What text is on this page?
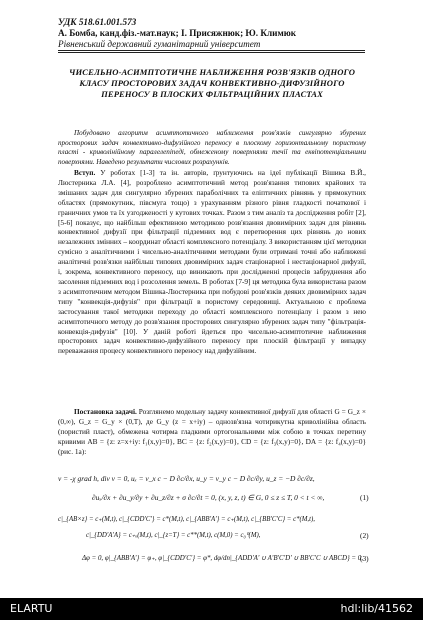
УДК 518.61.001.573
А. Бомба, канд.фіз.-мат.наук; І. Присяжнюк; Ю. Климюк
Рівненський державний гуманітарний університет
ЧИСЕЛЬНО-АСИМПТОТИЧНЕ НАБЛИЖЕННЯ РОЗВ'ЯЗКІВ ОДНОГО КЛАСУ ПРОСТОРОВИХ ЗАДАЧ КОНВЕКТИВНО-ДИФУЗІЙНОГО ПЕРЕНОСУ В ПЛОСКИХ ФІЛЬТРАЦІЙНИХ ПЛАСТАХ
Побудовано алгоритм асимптотичного наближення розв'язків сингулярно збурених просторових задач конвективно-дифузійного переносу в плоскому горизонтальному пористому пласті - криволінійному паралелепіпеді, обмеженому поверхнями течії та еквіпотенціальними поверхнями. Наведено результати числових розрахунків.
Вступ. У роботах [1-3] та ін. авторів, ґрунтуючись на ідеї публікації Вішика В.Й., Люстерника Л.А. [4], розроблено асимптотичний метод розв'язання типових крайових та змішаних задач для сингулярно збурених параболічних та еліптичних рівнянь у прямокутних областях (прямокутник, півсмуга тощо) з урахуванням різного рівня гладкості початкової і граничних умов та їх узгодженості у кутових точках. Разом з тим аналіз та дослідження робіт [2], [5-6] показує, що найбільш ефективною методикою розв'язання двовимірних задач для рівнянь конвективної дифузії при фільтрації підземних вод є перетворення цих рівнянь до нових незалежних змінних – координат області комплексного потенціалу. З використанням цієї методики сумісно з аналітичними і чисельно-аналітичними методами були отримані точні або наближені аналітичні розв'язки найбільш типових двовимірних задач стаціонарної і нестаціонарної дифузії, і, зокрема, конвективного переносу, що виникають при дослідженні процесів забруднення або засолення підземних вод і розсолення земель. В роботах [7-9] ця методика була використана разом з асимптотичним методом Вішика-Люстерника при побудові розв'язків деяких двовимірних задач типу "конвекція-дифузія" при фільтрації в пористому середовищі. Актуальною є проблема застосування такої методики переходу до області комплексного потенціалу і разом з нею асимптотичного методу до розв'язання просторових сингулярно збурених задач типу "фільтрація-конвекція-дифузія" [10]. У даній роботі йдеться про чисельно-асимптотичне наближення просторових задач конвективно-дифузійного переносу при плоскій фільтрації у випадку переважання процесу конвективного переносу над дифузійним.
Постановка задачі. Розглянемо модельну задачу конвективної дифузії для області G = G_z × (0,∞), G_z = G_y × (0,T), де G_y (z = x+iy) – однозв'язна чотирикутна криволінійна область (пористий пласт), обмежена чотирма гладкими ортогональними між собою в точках перетину кривими AB = {z: z=x+iy: f₁(x,y)=0}, BC = {z: f₂(x,y)=0}, CD = {z: f₃(x,y)=0}, DA = {z: f₄(x,y)=0} (рис. 1a):
v = -χ grad h, div v = 0, uₓ = v_x c − D ∂c/∂x, u_y = v_y c − D ∂c/∂y, u_z = −D ∂c/∂z,
∂uₓ/∂x + ∂u_y/∂y + ∂u_z/∂z + σ ∂c/∂t = 0, (x, y, z, t) ∈ G, 0 ≤ z ≤ T, 0 < t < ∞,	(1)
c|_{AB×z} = c₊(M,t), c|_{CDD'C'} = c*(M,t), c|_{ABB'A'} = c₊(M,t), c|_{BB'C'C} = c*(M,t),
c|_{DD'A'A} = c₊ₒ(M,t), c|_{z=T} = c**(M,t), c(M,0) = c₀⁰(M),	(2)
Δφ = 0, φ|_{ABB'A'} = φ₊, φ|_{CDD'C'} = φ*, dφ/dn|_{ADD'A' ∪ A'B'C'D' ∪ BB'C'C ∪ ABCD} = 0,
(3)
ELARTU	hdl:lib/41562
